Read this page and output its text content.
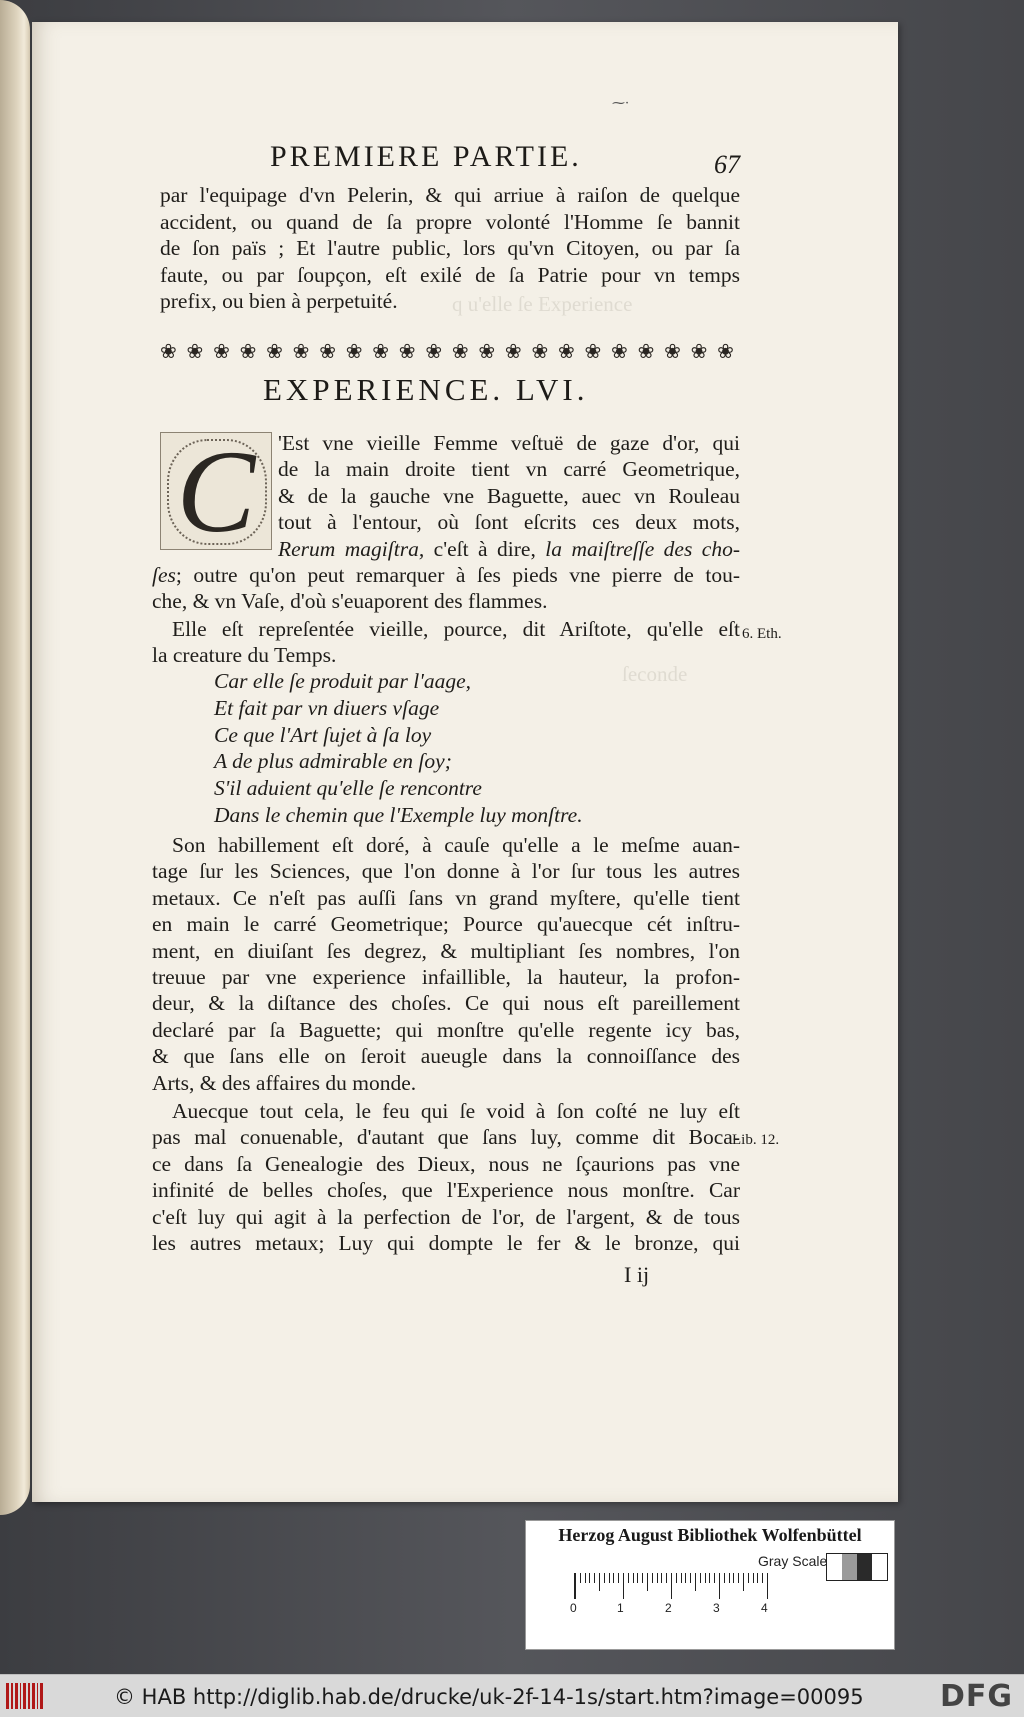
q u'elle ſe Experience
ſeconde
⁓·
PREMIERE PARTIE.	67
par l'equipage d'vn Pelerin, & qui arriue à raiſon de quelque
accident, ou quand de ſa propre volonté l'Homme ſe bannit
de ſon païs ; Et l'autre public, lors qu'vn Citoyen, ou par ſa
faute, ou par ſoupçon, eſt exilé de ſa Patrie pour vn temps
prefix, ou bien à perpetuité.
❀ ❀ ❀ ❀ ❀ ❀ ❀ ❀ ❀ ❀ ❀ ❀ ❀ ❀ ❀ ❀ ❀ ❀ ❀ ❀ ❀ ❀
EXPERIENCE. LVI.
C	'Est vne vieille Femme veſtuë de gaze d'or, qui
de la main droite tient vn carré Geometrique,
& de la gauche vne Baguette, auec vn Rouleau
tout à l'entour, où ſont eſcrits ces deux mots,
Rerum magiſtra, c'eſt à dire, la maiſtreſſe des cho-
ſes; outre qu'on peut remarquer à ſes pieds vne pierre de tou-
che, & vn Vaſe, d'où s'euaporent des flammes.
Elle eſt repreſentée vieille, pource, dit Ariſtote, qu'elle eſt
la creature du Temps.
6. Eth.
Car elle ſe produit par l'aage,
Et fait par vn diuers vſage
Ce que l'Art ſujet à ſa loy
A de plus admirable en ſoy;
S'il aduient qu'elle ſe rencontre
Dans le chemin que l'Exemple luy monſtre.
Son habillement eſt doré, à cauſe qu'elle a le meſme auan-
tage ſur les Sciences, que l'on donne à l'or ſur tous les autres
metaux. Ce n'eſt pas auſſi ſans vn grand myſtere, qu'elle tient
en main le carré Geometrique; Pource qu'auecque cét inſtru-
ment, en diuiſant ſes degrez, & multipliant ſes nombres, l'on
treuue par vne experience infaillible, la hauteur, la profon-
deur, & la diſtance des choſes. Ce qui nous eſt pareillement
declaré par ſa Baguette; qui monſtre qu'elle regente icy bas,
& que ſans elle on ſeroit aueugle dans la connoiſſance des
Arts, & des affaires du monde.
Auecque tout cela, le feu qui ſe void à ſon coſté ne luy eſt
pas mal conuenable, d'autant que ſans luy, comme dit Boca-
ce dans ſa Genealogie des Dieux, nous ne ſçaurions pas vne
infinité de belles choſes, que l'Experience nous monſtre. Car
c'eſt luy qui agit à la perfection de l'or, de l'argent, & de tous
les autres metaux; Luy qui dompte le fer & le bronze, qui
Lib. 12.
I ij
Herzog August Bibliothek Wolfenbüttel
Gray Scale
0	1	2	3	4
© HAB http://diglib.hab.de/drucke/uk-2f-14-1s/start.htm?image=00095	DFG
